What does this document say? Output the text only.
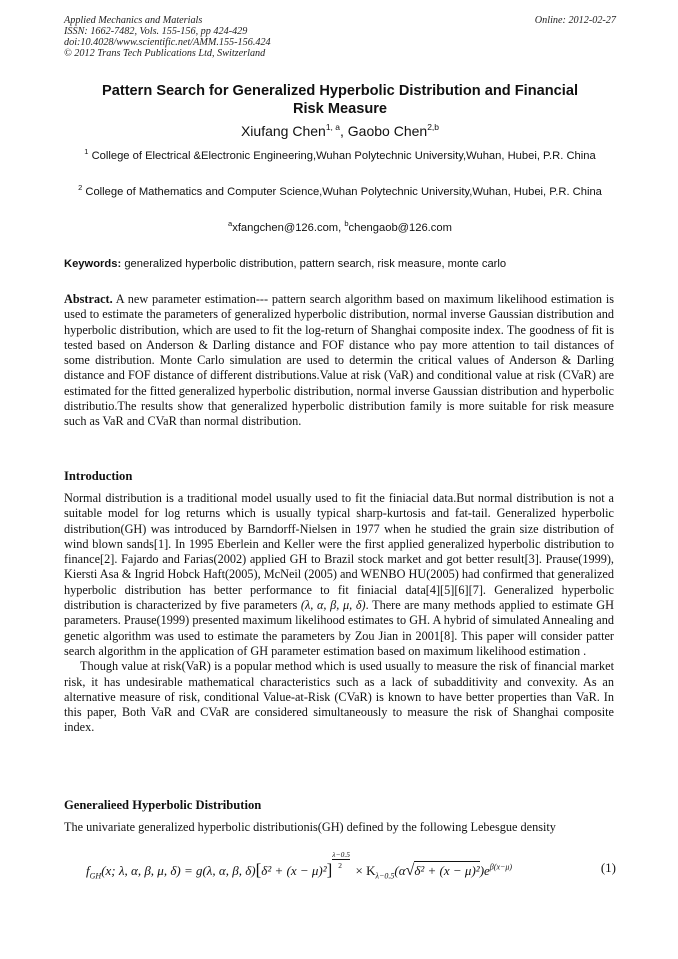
Applied Mechanics and Materials
ISSN: 1662-7482, Vols. 155-156, pp 424-429
doi:10.4028/www.scientific.net/AMM.155-156.424
© 2012 Trans Tech Publications Ltd, Switzerland
Online: 2012-02-27
Pattern Search for Generalized Hyperbolic Distribution and Financial
Risk Measure
Xiufang Chen$^{1, a}$, Gaobo Chen$^{2,b}$
$^1$ College of Electrical &Electronic Engineering,Wuhan Polytechnic University,Wuhan, Hubei, P.R. China
$^2$ College of Mathematics and Computer Science,Wuhan Polytechnic University,Wuhan, Hubei, P.R. China
$^a$xfangchen@126.com, $^b$chengaob@126.com
Keywords: generalized hyperbolic distribution, pattern search, risk measure, monte carlo
Abstract. A new parameter estimation--- pattern search algorithm based on maximum likelihood estimation is used to estimate the parameters of generalized hyperbolic distribution, normal inverse Gaussian distribution and hyperbolic distribution, which are used to fit the log-return of Shanghai composite index. The goodness of fit is tested based on Anderson & Darling distance and FOF distance who pay more attention to tail distances of some distribution. Monte Carlo simulation are used to determin the critical values of Anderson & Darling distance and FOF distance of different distributions.Value at risk (VaR) and conditional value at risk (CVaR) are estimated for the fitted generalized hyperbolic distribution, normal inverse Gaussian distribution and hyperbolic distributio.The results show that generalized hyperbolic distribution family is more suitable for risk measure such as VaR and CVaR than normal distribution.
Introduction
Normal distribution is a traditional model usually used to fit the finiacial data.But normal distribution is not a suitable model for log returns which is usually typical sharp-kurtosis and fat-tail. Generalized hyperbolic distribution(GH) was introduced by Barndorff-Nielsen in 1977 when he studied the grain size distribution of wind blown sands[1]. In 1995 Eberlein and Keller were the first applied generalized hyperbolic distribution to finance[2]. Fajardo and Farias(2002) applied GH to Brazil stock market and got better result[3]. Prause(1999), Kiersti Asa & Ingrid Hobck Haft(2005), McNeil (2005) and WENBO HU(2005) had confirmed that generalized hyperbolic distribution has better performance to fit finiacial data[4][5][6][7]. Generalized hyperbolic distribution is characterized by five parameters (λ, α, β, μ, δ). There are many methods applied to estimate GH parameters. Prause(1999) presented maximum likelihood estimates to GH. A hybrid of simulated Annealing and genetic algorithm was used to estimate the parameters by Zou Jian in 2001[8]. This paper will consider patter search algorithm in the application of GH parameter estimation based on maximum likelihood estimation .
Though value at risk(VaR) is a popular method which is used usually to measure the risk of financial market risk, it has undesirable mathematical characteristics such as a lack of subadditivity and convexity. As an alternative measure of risk, conditional Value-at-Risk (CVaR) is known to have better properties than VaR. In this paper, Both VaR and CVaR are considered simultaneously to measure the risk of Shanghai composite index.
Generalieed Hyperbolic Distribution
The univariate generalized hyperbolic distributionis(GH) defined by the following Lebesgue density
$f_{GH}(x$; λ, α, β, μ, δ) = g(λ, α, β, $\delta)[\delta^2 + (x - \mu)^2] \frac{\lambda-0.5}{2} \times K_{\lambda-0.5}(\alpha√\delta^2 + (x - \mu)^2)e^{\beta(x-\mu)}$	(1)
